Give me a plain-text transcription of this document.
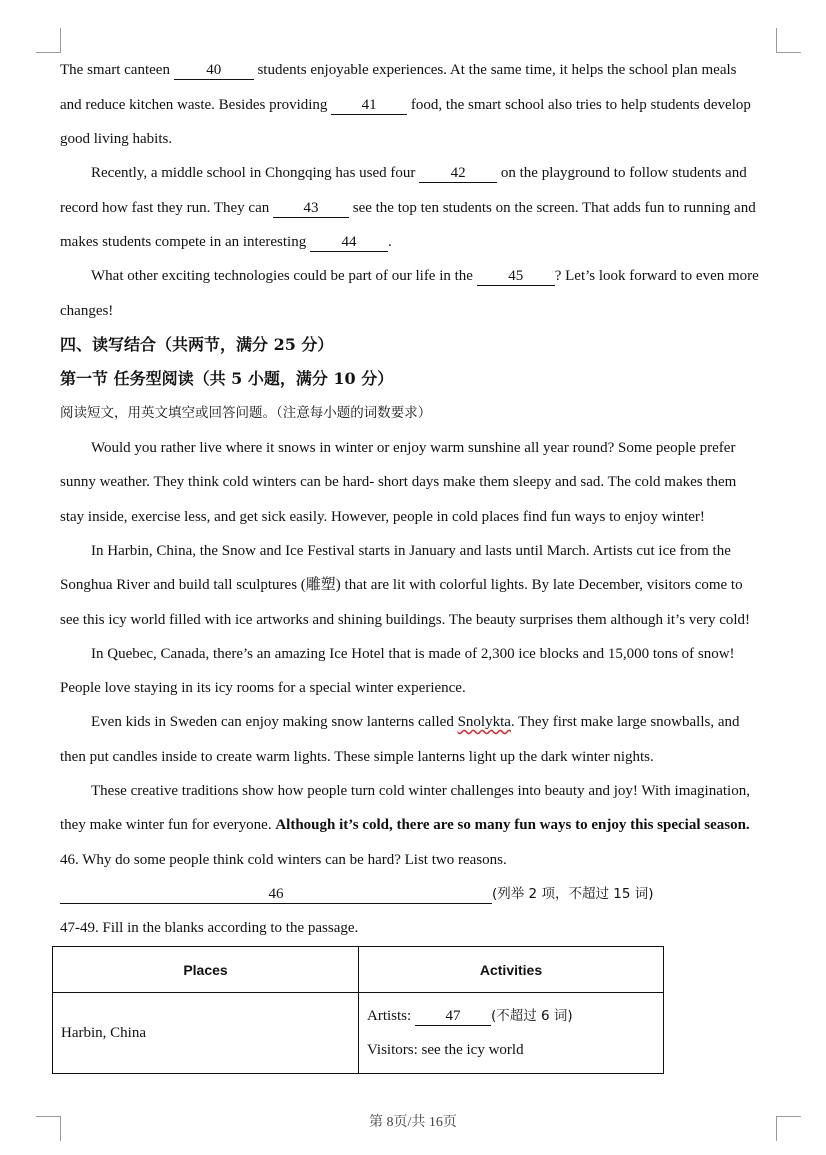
The smart canteen 40 students enjoyable experiences. At the same time, it helps the school plan meals
and reduce kitchen waste. Besides providing 41 food, the smart school also tries to help students develop
good living habits.
Recently, a middle school in Chongqing has used four 42 on the playground to follow students and
record how fast they run. They can 43 see the top ten students on the screen. That adds fun to running and
makes students compete in an interesting 44 .
What other exciting technologies could be part of our life in the 45 ? Let’s look forward to even more
changes!
四、读写结合（共两节，满分 25 分）
第一节 任务型阅读（共 5 小题，满分 10 分）
阅读短文，用英文填空或回答问题。（注意每小题的词数要求）
Would you rather live where it snows in winter or enjoy warm sunshine all year round? Some people prefer
sunny weather. They think cold winters can be hard- short days make them sleepy and sad. The cold makes them
stay inside, exercise less, and get sick easily. However, people in cold places find fun ways to enjoy winter!
In Harbin, China, the Snow and Ice Festival starts in January and lasts until March. Artists cut ice from the
Songhua River and build tall sculptures (雕塑) that are lit with colorful lights. By late December, visitors come to
see this icy world filled with ice artworks and shining buildings. The beauty surprises them although it’s very cold!
In Quebec, Canada, there’s an amazing Ice Hotel that is made of 2,300 ice blocks and 15,000 tons of snow!
People love staying in its icy rooms for a special winter experience.
Even kids in Sweden can enjoy making snow lanterns called Snolykta. They first make large snowballs, and
then put candles inside to create warm lights. These simple lanterns light up the dark winter nights.
These creative traditions show how people turn cold winter challenges into beauty and joy! With imagination,
they make winter fun for everyone. Although it’s cold, there are so many fun ways to enjoy this special season.
46. Why do some people think cold winters can be hard? List two reasons.
46	(列举 2 项，不超过 15 词)
47-49. Fill in the blanks according to the passage.
Places	Activities
Harbin, China	Artists: 47 (不超过 6 词)
Visitors: see the icy world
第 8页/共 16页
